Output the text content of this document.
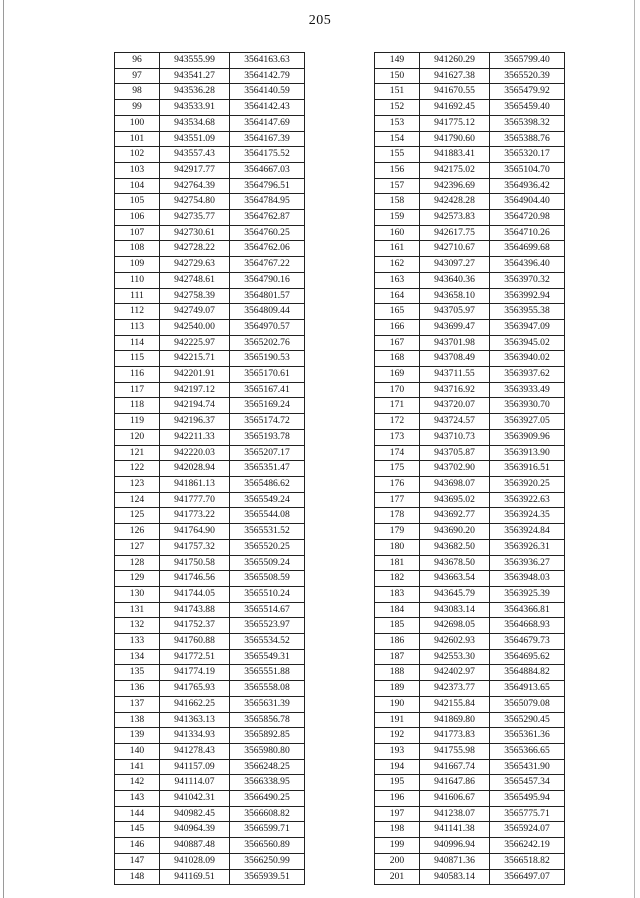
205
96	943555.99	3564163.63
97	943541.27	3564142.79
98	943536.28	3564140.59
99	943533.91	3564142.43
100	943534.68	3564147.69
101	943551.09	3564167.39
102	943557.43	3564175.52
103	942917.77	3564667.03
104	942764.39	3564796.51
105	942754.80	3564784.95
106	942735.77	3564762.87
107	942730.61	3564760.25
108	942728.22	3564762.06
109	942729.63	3564767.22
110	942748.61	3564790.16
111	942758.39	3564801.57
112	942749.07	3564809.44
113	942540.00	3564970.57
114	942225.97	3565202.76
115	942215.71	3565190.53
116	942201.91	3565170.61
117	942197.12	3565167.41
118	942194.74	3565169.24
119	942196.37	3565174.72
120	942211.33	3565193.78
121	942220.03	3565207.17
122	942028.94	3565351.47
123	941861.13	3565486.62
124	941777.70	3565549.24
125	941773.22	3565544.08
126	941764.90	3565531.52
127	941757.32	3565520.25
128	941750.58	3565509.24
129	941746.56	3565508.59
130	941744.05	3565510.24
131	941743.88	3565514.67
132	941752.37	3565523.97
133	941760.88	3565534.52
134	941772.51	3565549.31
135	941774.19	3565551.88
136	941765.93	3565558.08
137	941662.25	3565631.39
138	941363.13	3565856.78
139	941334.93	3565892.85
140	941278.43	3565980.80
141	941157.09	3566248.25
142	941114.07	3566338.95
143	941042.31	3566490.25
144	940982.45	3566608.82
145	940964.39	3566599.71
146	940887.48	3566560.89
147	941028.09	3566250.99
148	941169.51	3565939.51
149	941260.29	3565799.40
150	941627.38	3565520.39
151	941670.55	3565479.92
152	941692.45	3565459.40
153	941775.12	3565398.32
154	941790.60	3565388.76
155	941883.41	3565320.17
156	942175.02	3565104.70
157	942396.69	3564936.42
158	942428.28	3564904.40
159	942573.83	3564720.98
160	942617.75	3564710.26
161	942710.67	3564699.68
162	943097.27	3564396.40
163	943640.36	3563970.32
164	943658.10	3563992.94
165	943705.97	3563955.38
166	943699.47	3563947.09
167	943701.98	3563945.02
168	943708.49	3563940.02
169	943711.55	3563937.62
170	943716.92	3563933.49
171	943720.07	3563930.70
172	943724.57	3563927.05
173	943710.73	3563909.96
174	943705.87	3563913.90
175	943702.90	3563916.51
176	943698.07	3563920.25
177	943695.02	3563922.63
178	943692.77	3563924.35
179	943690.20	3563924.84
180	943682.50	3563926.31
181	943678.50	3563936.27
182	943663.54	3563948.03
183	943645.79	3563925.39
184	943083.14	3564366.81
185	942698.05	3564668.93
186	942602.93	3564679.73
187	942553.30	3564695.62
188	942402.97	3564884.82
189	942373.77	3564913.65
190	942155.84	3565079.08
191	941869.80	3565290.45
192	941773.83	3565361.36
193	941755.98	3565366.65
194	941667.74	3565431.90
195	941647.86	3565457.34
196	941606.67	3565495.94
197	941238.07	3565775.71
198	941141.38	3565924.07
199	940996.94	3566242.19
200	940871.36	3566518.82
201	940583.14	3566497.07
